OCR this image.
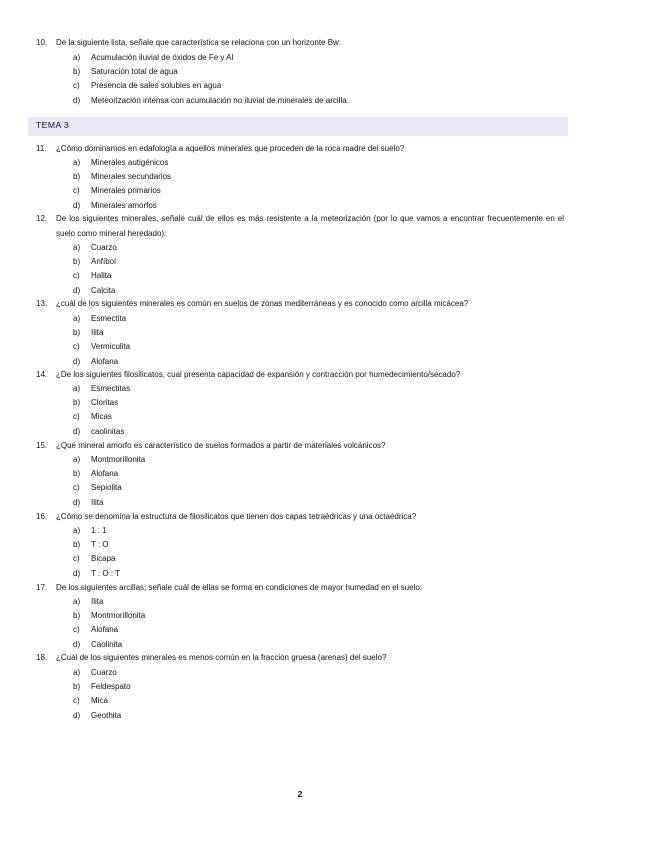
10.	De la siguiente lista, señale que característica se relaciona con un horizonte Bw:
a)	Acumulación iluvial de óxidos de Fe y Al
b)	Saturación total de agua
c)	Presencia de sales solubles en agua
d)	Meteorización intensa con acumulación no iluvial de minerales de arcilla.
TEMA 3
11.	¿Cómo dominamos en edafología a aquellos minerales que proceden de la roca madre del suelo?
a)	Minerales autigénicos
b)	Minerales secundarios
c)	Minerales primarios
d)	Minerales amorfos
12.	De los siguientes minerales, señale cuál de ellos es más resistente a la meteorización (por lo que vamos a encontrar frecuentemente en el suelo como mineral heredado):
a)	Cuarzo
b)	Anfíbol
c)	Halita
d)	Calcita
13.	¿cuál de los siguientes minerales es común en suelos de zonas mediterráneas y es conocido como arcilla micácea?
a)	Esmectita
b)	Ilita
c)	Vermiculita
d)	Alofana
14.	¿De los siguientes filosilicatos, cual presenta capacidad de expansión y contracción por humedecimiento/secado?
a)	Esmectitas
b)	Cloritas
c)	Micas
d)	caolinitas
15.	¿Qué mineral amorfo es característico de suelos formados a partir de materiales volcánicos?
a)	Montmorillonita
b)	Alofana
c)	Sepiolita
d)	Ilita
16.	¿Cómo se denomina la estructura de filosilicatos que tienen dos capas tetraédricas y una octaédrica?
a)	1 : 1
b)	T : O
c)	Bicapa
d)	T : O : T
17.	De los siguientes arcillas, señale cuál de ellas se forma en condiciones de mayor humedad en el suelo:
a)	Ilita
b)	Montmorillonita
c)	Alofana
d)	Caolinita
18.	¿Cuál de los siguientes minerales es menos común en la fracción gruesa (arenas) del suelo?
a)	Cuarzo
b)	Feldespato
c)	Mica
d)	Geothita
2
